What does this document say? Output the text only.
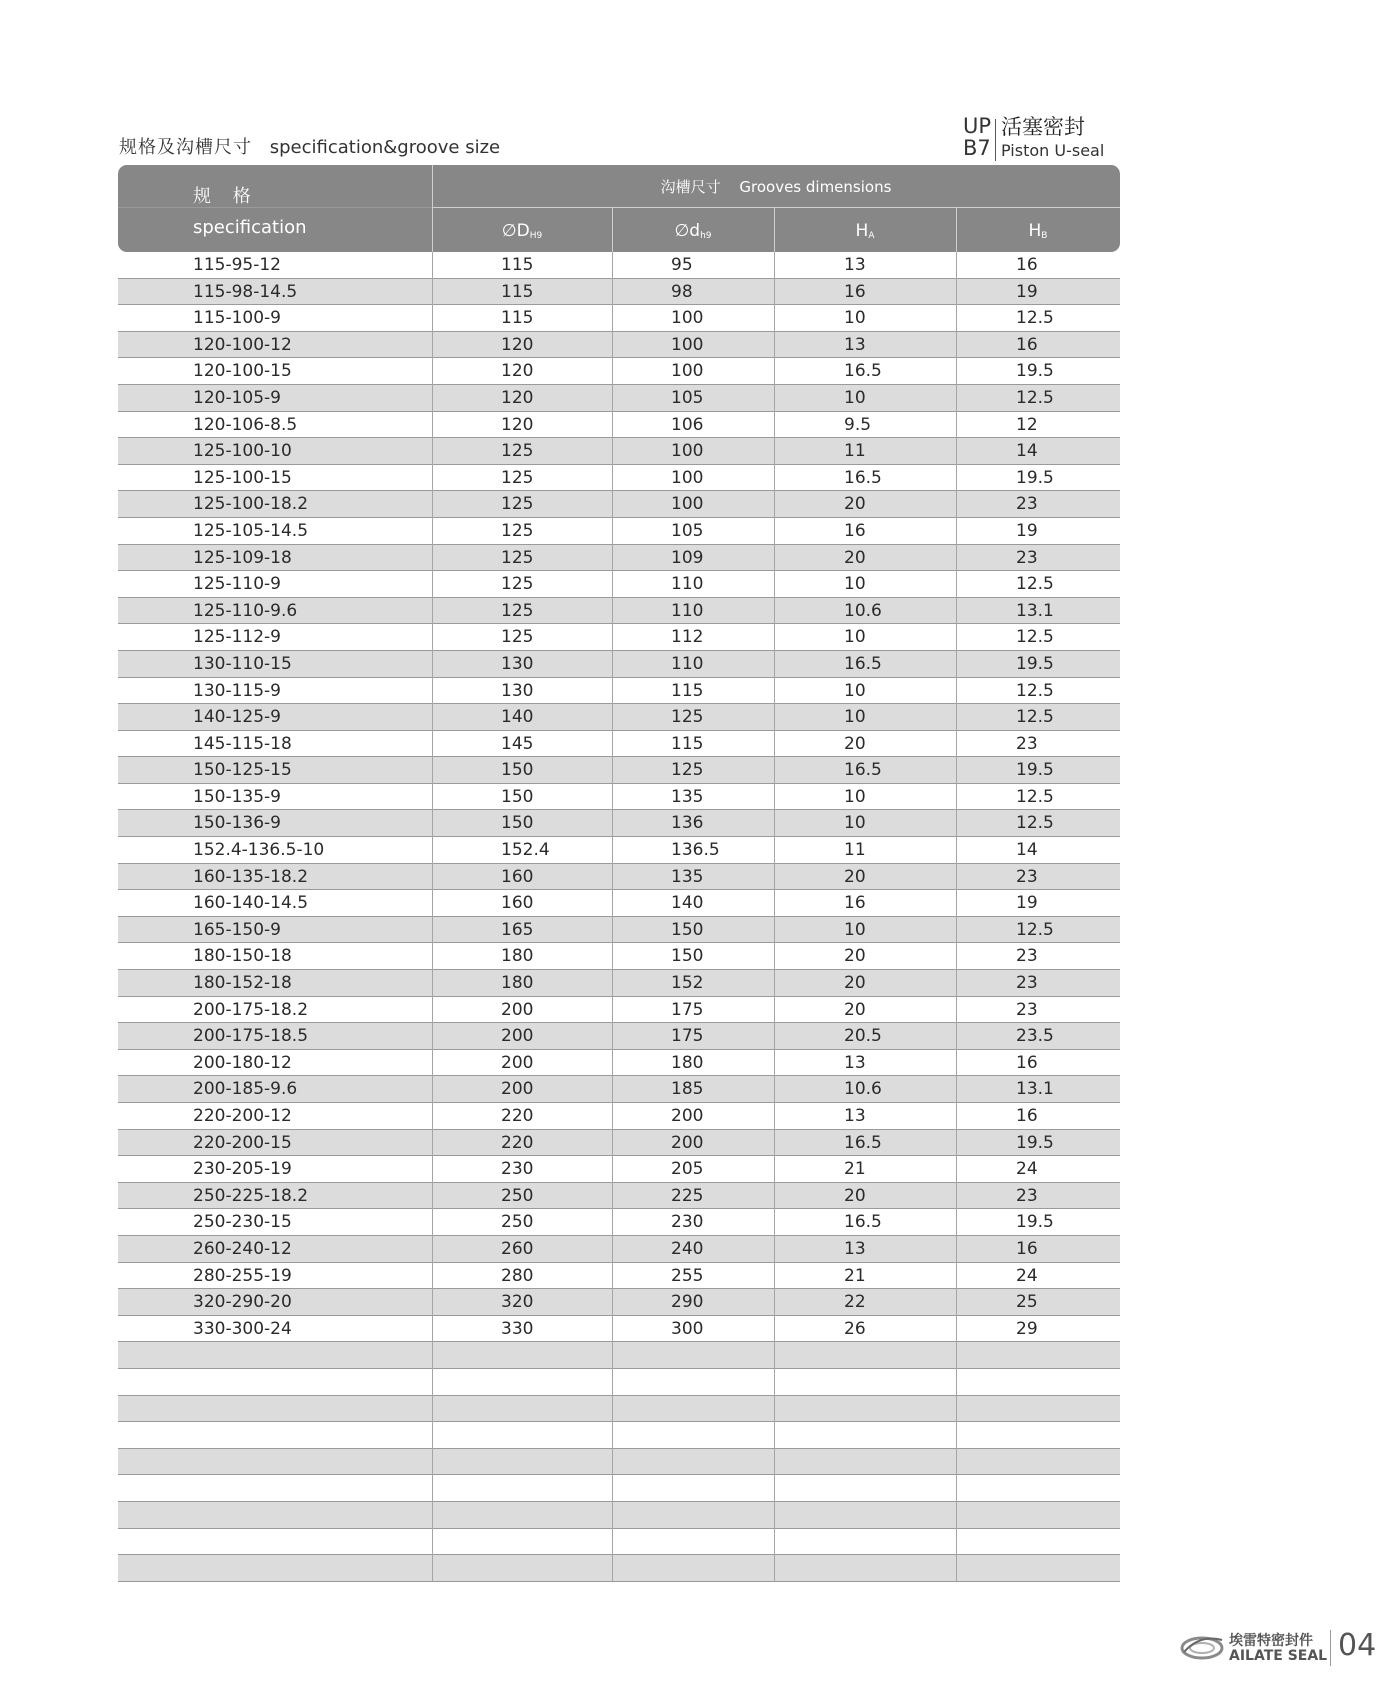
规格及沟槽尺寸 specification&groove size
UP
B7
活塞密封
Piston U-seal
规 格
specification
沟槽尺寸 Grooves dimensions
$\emptyset D_{H9}$	$\emptyset d_{h9}$	$H_A$	$H_B$
115-95-12	115	95	13	16
115-98-14.5	115	98	16	19
115-100-9	115	100	10	12.5
120-100-12	120	100	13	16
120-100-15	120	100	16.5	19.5
120-105-9	120	105	10	12.5
120-106-8.5	120	106	9.5	12
125-100-10	125	100	11	14
125-100-15	125	100	16.5	19.5
125-100-18.2	125	100	20	23
125-105-14.5	125	105	16	19
125-109-18	125	109	20	23
125-110-9	125	110	10	12.5
125-110-9.6	125	110	10.6	13.1
125-112-9	125	112	10	12.5
130-110-15	130	110	16.5	19.5
130-115-9	130	115	10	12.5
140-125-9	140	125	10	12.5
145-115-18	145	115	20	23
150-125-15	150	125	16.5	19.5
150-135-9	150	135	10	12.5
150-136-9	150	136	10	12.5
152.4-136.5-10	152.4	136.5	11	14
160-135-18.2	160	135	20	23
160-140-14.5	160	140	16	19
165-150-9	165	150	10	12.5
180-150-18	180	150	20	23
180-152-18	180	152	20	23
200-175-18.2	200	175	20	23
200-175-18.5	200	175	20.5	23.5
200-180-12	200	180	13	16
200-185-9.6	200	185	10.6	13.1
220-200-12	220	200	13	16
220-200-15	220	200	16.5	19.5
230-205-19	230	205	21	24
250-225-18.2	250	225	20	23
250-230-15	250	230	16.5	19.5
260-240-12	260	240	13	16
280-255-19	280	255	21	24
320-290-20	320	290	22	25
330-300-24	330	300	26	29
埃雷特密封件
AILATE SEAL 04
